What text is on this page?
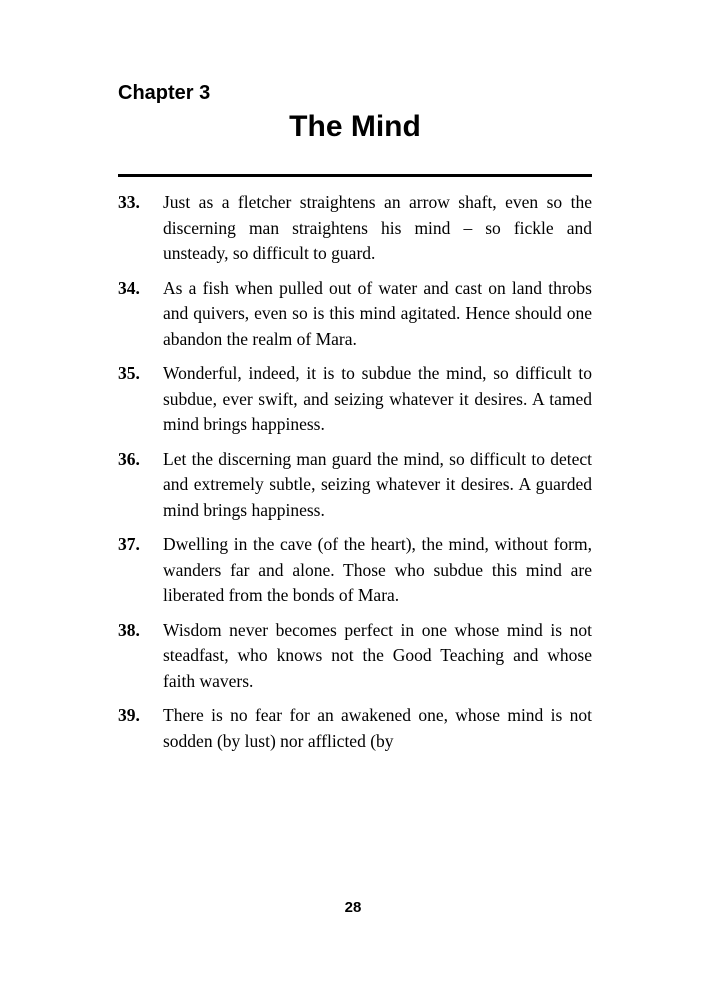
Chapter 3
The Mind
33.	Just as a fletcher straightens an arrow shaft, even so the discerning man straightens his mind – so fickle and unsteady, so difficult to guard.
34.	As a fish when pulled out of water and cast on land throbs and quivers, even so is this mind agitated. Hence should one abandon the realm of Mara.
35.	Wonderful, indeed, it is to subdue the mind, so difficult to subdue, ever swift, and seizing whatever it desires. A tamed mind brings happiness.
36.	Let the discerning man guard the mind, so difficult to detect and extremely subtle, seizing whatever it desires. A guarded mind brings happiness.
37.	Dwelling in the cave (of the heart), the mind, without form, wanders far and alone. Those who subdue this mind are liberated from the bonds of Mara.
38.	Wisdom never becomes perfect in one whose mind is not steadfast, who knows not the Good Teaching and whose faith wavers.
39.	There is no fear for an awakened one, whose mind is not sodden (by lust) nor afflicted (by
28
